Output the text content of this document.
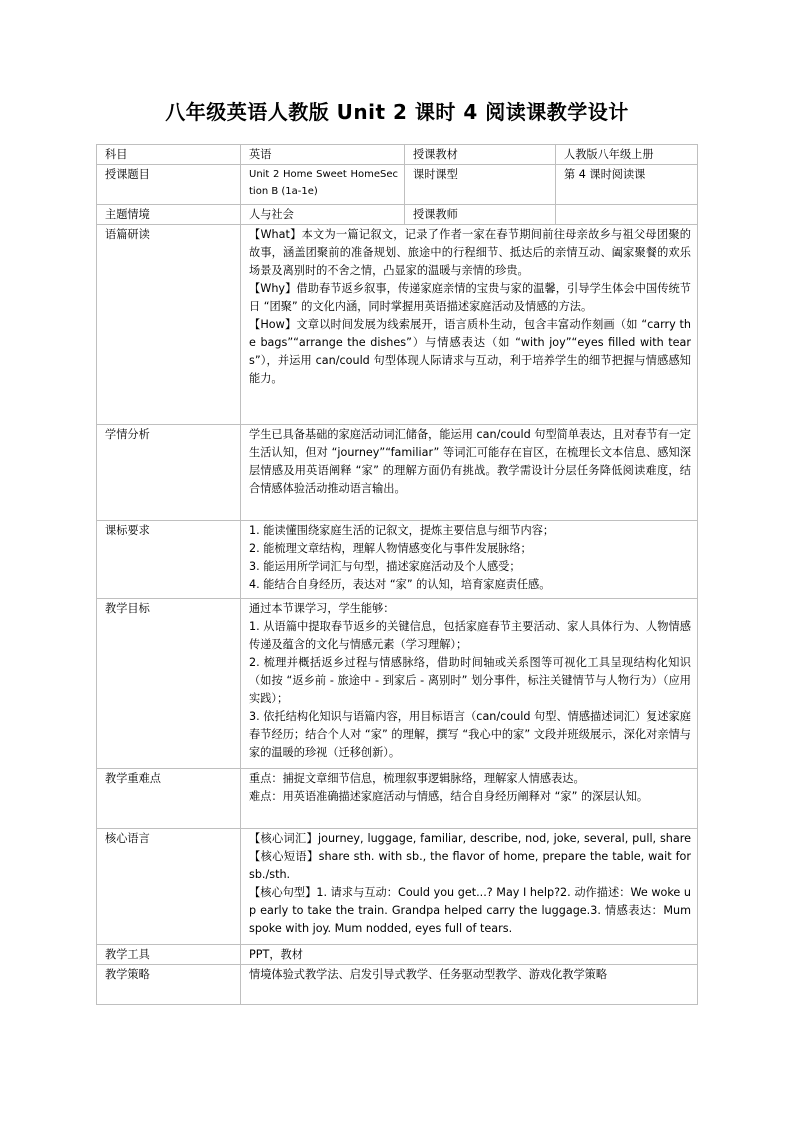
八年级英语人教版 Unit 2 课时 4 阅读课教学设计
科目	英语	授课教材	人教版八年级上册
授课题目	Unit 2 Home Sweet HomeSection B (1a-1e)	课时课型	第 4 课时阅读课
主题情境	人与社会	授课教师	
语篇研读	【What】本文为一篇记叙文，记录了作者一家在春节期间前往母亲故乡与祖父母团聚的故事，涵盖团聚前的准备规划、旅途中的行程细节、抵达后的亲情互动、阖家聚餐的欢乐场景及离别时的不舍之情，凸显家的温暖与亲情的珍贵。
【Why】借助春节返乡叙事，传递家庭亲情的宝贵与家的温馨，引导学生体会中国传统节日 “团聚” 的文化内涵，同时掌握用英语描述家庭活动及情感的方法。
【How】文章以时间发展为线索展开，语言质朴生动，包含丰富动作刻画（如 “carry the bags”“arrange the dishes”）与情感表达（如 “with joy”“eyes filled with tears”），并运用 can/could 句型体现人际请求与互动，利于培养学生的细节把握与情感感知能力。		

学情分析	学生已具备基础的家庭活动词汇储备，能运用 can/could 句型简单表达，且对春节有一定生活认知，但对 “journey”“familiar” 等词汇可能存在盲区，在梳理长文本信息、感知深层情感及用英语阐释 “家” 的理解方面仍有挑战。教学需设计分层任务降低阅读难度，结合情感体验活动推动语言输出。		
课标要求	1. 能读懂围绕家庭生活的记叙文，提炼主要信息与细节内容；
2. 能梳理文章结构，理解人物情感变化与事件发展脉络；
3. 能运用所学词汇与句型，描述家庭活动及个人感受；
4. 能结合自身经历，表达对 “家” 的认知，培育家庭责任感。		

教学目标	通过本节课学习，学生能够：
1. 从语篇中提取春节返乡的关键信息，包括家庭春节主要活动、家人具体行为、人物情感传递及蕴含的文化与情感元素（学习理解）；
2. 梳理并概括返乡过程与情感脉络，借助时间轴或关系图等可视化工具呈现结构化知识（如按 “返乡前 - 旅途中 - 到家后 - 离别时” 划分事件，标注关键情节与人物行为）（应用实践）；
3. 依托结构化知识与语篇内容，用目标语言（can/could 句型、情感描述词汇）复述家庭春节经历；结合个人对 “家” 的理解，撰写 “我心中的家” 文段并班级展示，深化对亲情与家的温暖的珍视（迁移创新）。		

教学重难点	重点：捕捉文章细节信息，梳理叙事逻辑脉络，理解家人情感表达。
难点：用英语准确描述家庭活动与情感，结合自身经历阐释对 “家” 的深层认知。		

核心语言	【核心词汇】journey, luggage, familiar, describe, nod, joke, several, pull, share【核心短语】share sth. with sb., the flavor of home, prepare the table, wait for sb./sth.
【核心句型】1. 请求与互动：Could you get...? May I help?2. 动作描述：We woke up early to take the train. Grandpa helped carry the luggage.3. 情感表达：Mum spoke with joy. Mum nodded, eyes full of tears.		

教学工具	PPT，教材		
教学策略	情境体验式教学法、启发引导式教学、任务驱动型教学、游戏化教学策略		
